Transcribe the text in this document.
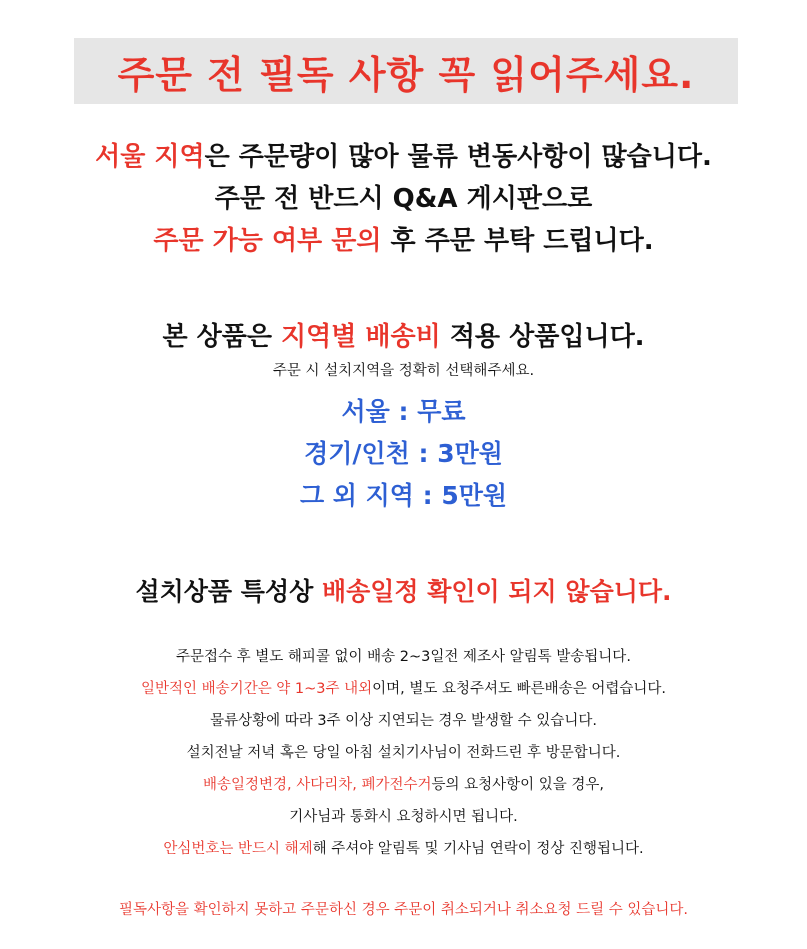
주문 전 필독 사항 꼭 읽어주세요.
서울 지역은 주문량이 많아 물류 변동사항이 많습니다.
주문 전 반드시 Q&A 게시판으로
주문 가능 여부 문의 후 주문 부탁 드립니다.
본 상품은 지역별 배송비 적용 상품입니다.
주문 시 설치지역을 정확히 선택해주세요.
서울 : 무료
경기/인천 : 3만원
그 외 지역 : 5만원
설치상품 특성상 배송일정 확인이 되지 않습니다.
주문접수 후 별도 해피콜 없이 배송 2~3일전 제조사 알림톡 발송됩니다.
일반적인 배송기간은 약 1~3주 내외이며, 별도 요청주셔도 빠른배송은 어렵습니다.
물류상황에 따라 3주 이상 지연되는 경우 발생할 수 있습니다.
설치전날 저녁 혹은 당일 아침 설치기사님이 전화드린 후 방문합니다.
배송일정변경, 사다리차, 폐가전수거등의 요청사항이 있을 경우,
기사님과 통화시 요청하시면 됩니다.
안심번호는 반드시 해제해 주셔야 알림톡 및 기사님 연락이 정상 진행됩니다.
필독사항을 확인하지 못하고 주문하신 경우 주문이 취소되거나 취소요청 드릴 수 있습니다.
